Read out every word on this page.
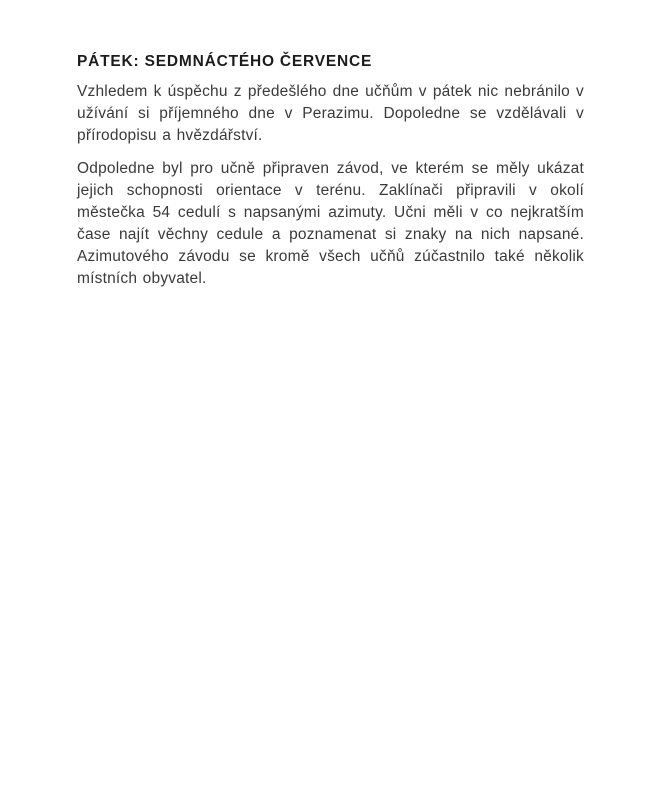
PÁTEK: SEDMNÁCTÉHO ČERVENCE

Vzhledem k úspěchu z předešlého dne učňům v pátek nic nebránilo v užívání si příjemného dne v Perazimu. Dopoledne se vzdělávali v přírodopisu a hvězdářství.

Odpoledne byl pro učně připraven závod, ve kterém se měly ukázat jejich schopnosti orientace v terénu. Zaklínači připravili v okolí městečka 54 cedulí s napsanými azimuty. Učni měli v co nejkratším čase najít věchny cedule a poznamenat si znaky na nich napsané. Azimutového závodu se kromě všech učňů zúčastnilo také několik místních obyvatel.
